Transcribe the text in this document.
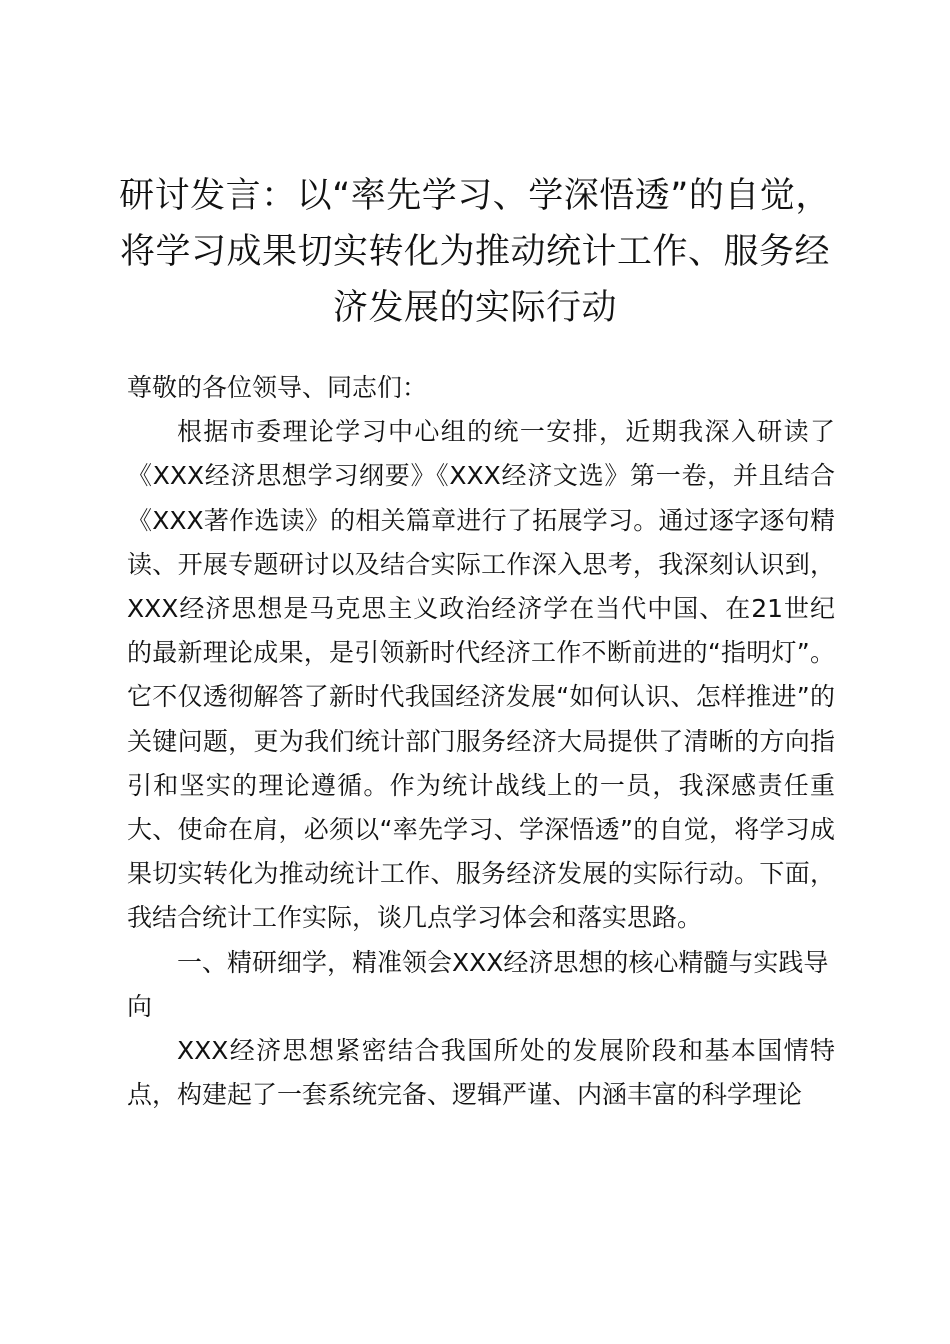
研讨发言：以“率先学习、学深悟透”的自觉，将学习成果切实转化为推动统计工作、服务经济发展的实际行动

尊敬的各位领导、同志们：

根据市委理论学习中心组的统一安排，近期我深入研读了《XXX经济思想学习纲要》《XXX经济文选》第一卷，并且结合《XXX著作选读》的相关篇章进行了拓展学习。通过逐字逐句精读、开展专题研讨以及结合实际工作深入思考，我深刻认识到，XXX经济思想是马克思主义政治经济学在当代中国、在21世纪的最新理论成果，是引领新时代经济工作不断前进的“指明灯”。它不仅透彻解答了新时代我国经济发展“如何认识、怎样推进”的关键问题，更为我们统计部门服务经济大局提供了清晰的方向指引和坚实的理论遵循。作为统计战线上的一员，我深感责任重大、使命在肩，必须以“率先学习、学深悟透”的自觉，将学习成果切实转化为推动统计工作、服务经济发展的实际行动。下面，我结合统计工作实际，谈几点学习体会和落实思路。

一、精研细学，精准领会XXX经济思想的核心精髓与实践导向

XXX经济思想紧密结合我国所处的发展阶段和基本国情特点，构建起了一套系统完备、逻辑严谨、内涵丰富的科学理论
